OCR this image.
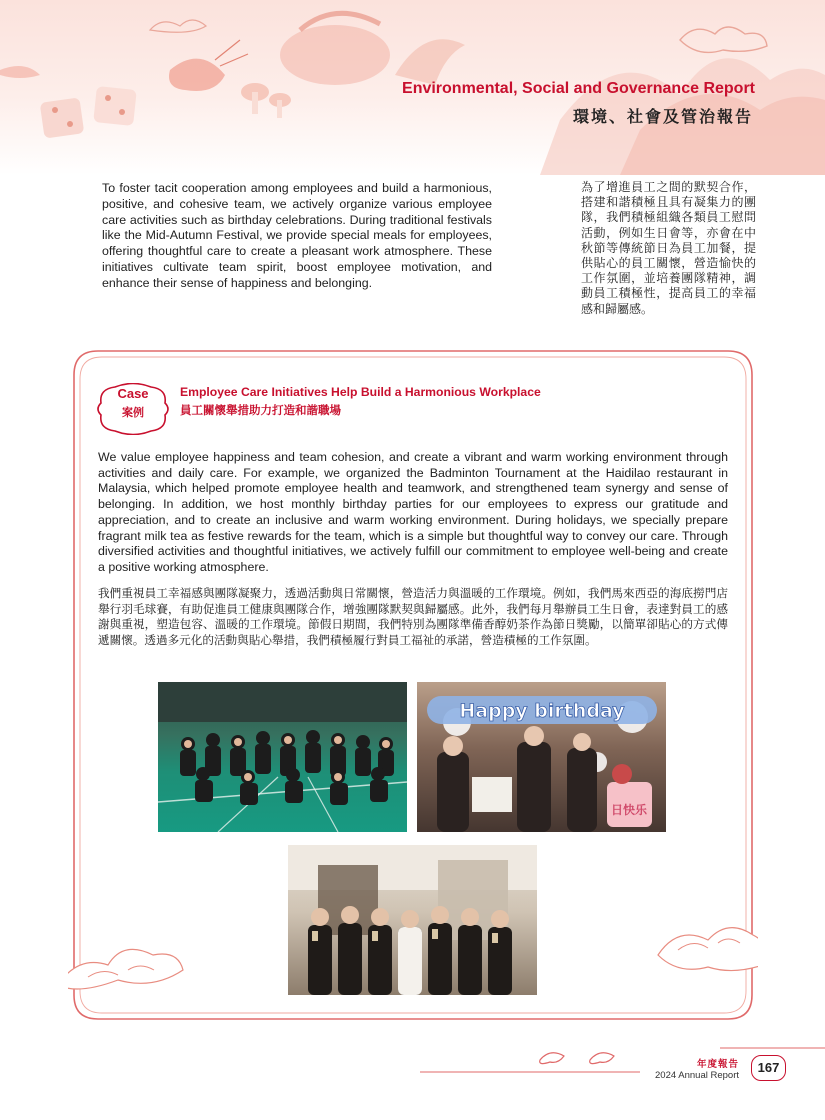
Environmental, Social and Governance Report
環境、社會及管治報告

To foster tacit cooperation among employees and build a harmonious, positive, and cohesive team, we actively organize various employee care activities such as birthday celebrations. During traditional festivals like the Mid-Autumn Festival, we provide special meals for employees, offering thoughtful care to create a pleasant work atmosphere. These initiatives cultivate team spirit, boost employee motivation, and enhance their sense of happiness and belonging.

為了增進員工之間的默契合作，搭建和諧積極且具有凝集力的團隊，我們積極組織各類員工慰問活動，例如生日會等，亦會在中秋節等傳統節日為員工加餐，提供貼心的員工關懷，營造愉快的工作氛圍，並培養團隊精神，調動員工積極性，提高員工的幸福感和歸屬感。

Case
案例
Employee Care Initiatives Help Build a Harmonious Workplace
員工關懷舉措助力打造和諧職場

We value employee happiness and team cohesion, and create a vibrant and warm working environment through activities and daily care. For example, we organized the Badminton Tournament at the Haidilao restaurant in Malaysia, which helped promote employee health and teamwork, and strengthened team synergy and sense of belonging. In addition, we host monthly birthday parties for our employees to express our gratitude and appreciation, and to create an inclusive and warm working environment. During holidays, we specially prepare fragrant milk tea as festive rewards for the team, which is a simple but thoughtful way to convey our care. Through diversified activities and thoughtful initiatives, we actively fulfill our commitment to employee well-being and create a positive working atmosphere.

我們重視員工幸福感與團隊凝聚力，透過活動與日常關懷，營造活力與溫暖的工作環境。例如，我們馬來西亞的海底撈門店舉行羽毛球賽，有助促進員工健康與團隊合作，增強團隊默契與歸屬感。此外，我們每月舉辦員工生日會，表達對員工的感謝與重視，塑造包容、溫暖的工作環境。節假日期間，我們特別為團隊準備香醇奶茶作為節日獎勵，以簡單卻貼心的方式傳遞關懷。透過多元化的活動與貼心舉措，我們積極履行對員工福祉的承諾，營造積極的工作氛圍。

Happy birthday
日快乐
年度報告
2024 Annual Report
167
